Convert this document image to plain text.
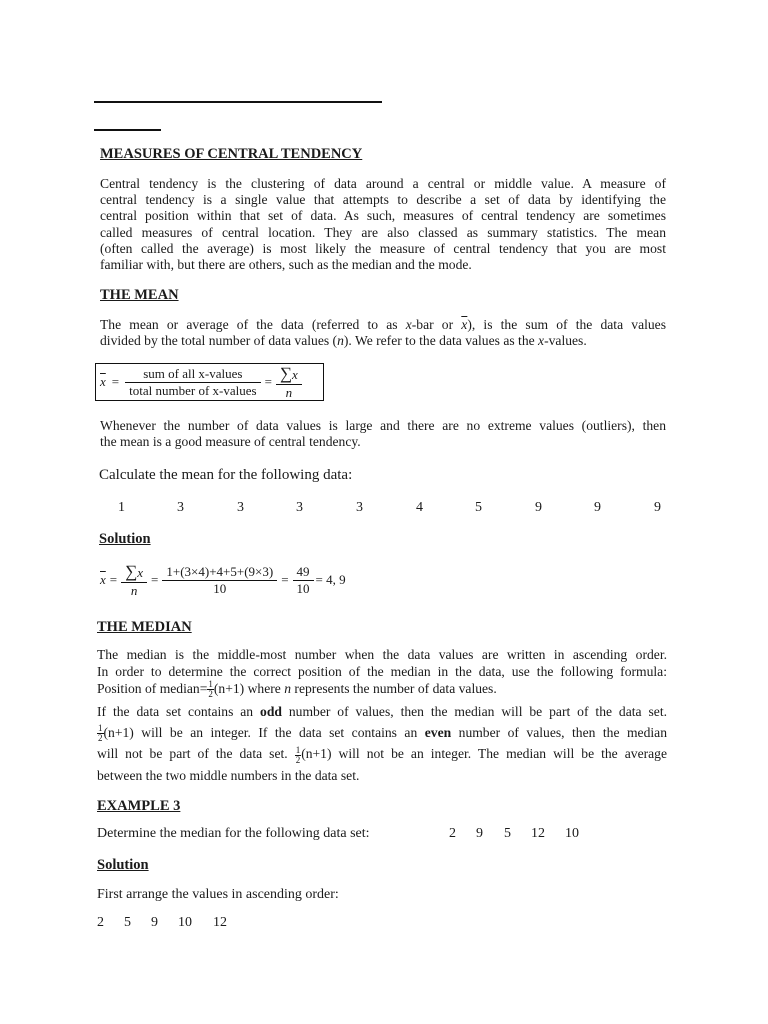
MEASURES OF CENTRAL TENDENCY
Central tendency is the clustering of data around a central or middle value. A measure of
central tendency is a single value that attempts to describe a set of data by identifying the
central position within that set of data. As such, measures of central tendency are sometimes
called measures of central location. They are also classed as summary statistics. The mean
(often called the average) is most likely the measure of central tendency that you are most
familiar with, but there are others, such as the median and the mode.
THE MEAN
The mean or average of the data (referred to as x-bar or $\overline{x}$), is the sum of the data values
divided by the total number of data values (n). We refer to the data values as the x-values.
$\overline{x} = \frac{\text{sum of all x-values}}{\text{total number of x-values}} = \frac{\sum x}{n}$
Whenever the number of data values is large and there are no extreme values (outliers), then
the mean is a good measure of central tendency.
Calculate the mean for the following data:
1	3	3	3	3	4	5	9	9	9
Solution
$\overline{x} = \frac{\sum x}{n} = \frac{1+(3\times 4)+4+5+(9\times 3)}{10} = \frac{49}{10} = 4$, 9
THE MEDIAN
The median is the middle-most number when the data values are written in ascending order.
In order to determine the correct position of the median in the data, use the following formula:
Position of median= $\frac{1}{2} (n+1)$ where n represents the number of data values.
If the data set contains an odd number of values, then the median will be part of the data set.
$\frac{1}{2} (n+1)$ will be an integer. If the data set contains an even number of values, then the median
will not be part of the data set. $\frac{1}{2} (n+1)$ will not be an integer. The median will be the average
between the two middle numbers in the data set.
EXAMPLE 3
Determine the median for the following data set:	2 9 5 12 10
Solution
First arrange the values in ascending order:
2 5 9 10 12
